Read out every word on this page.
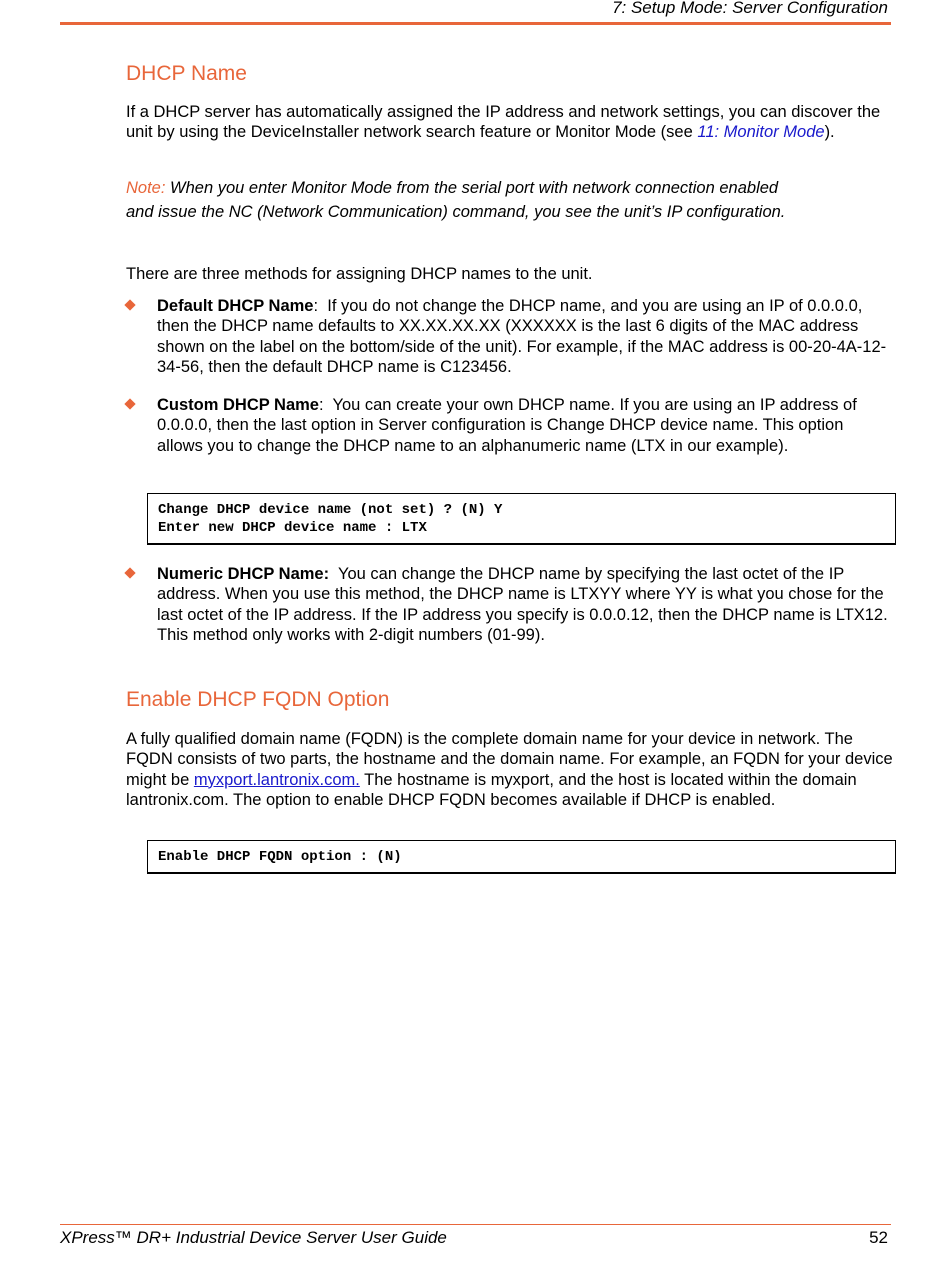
7: Setup Mode: Server Configuration
DHCP Name

If a DHCP server has automatically assigned the IP address and network settings, you can discover the unit by using the DeviceInstaller network search feature or Monitor Mode (see 11: Monitor Mode).

Note: When you enter Monitor Mode from the serial port with network connection enabled and issue the NC (Network Communication) command, you see the unit’s IP configuration.

There are three methods for assigning DHCP names to the unit.

Default DHCP Name:  If you do not change the DHCP name, and you are using an IP of 0.0.0.0, then the DHCP name defaults to XX.XX.XX.XX (XXXXXX is the last 6 digits of the MAC address shown on the label on the bottom/side of the unit). For example, if the MAC address is 00-20-4A-12-34-56, then the default DHCP name is C123456.
Custom DHCP Name:  You can create your own DHCP name. If you are using an IP address of 0.0.0.0, then the last option in Server configuration is Change DHCP device name. This option allows you to change the DHCP name to an alphanumeric name (LTX in our example).
Change DHCP device name (not set) ? (N) Y
Enter new DHCP device name : LTX
Numeric DHCP Name: You can change the DHCP name by specifying the last octet of the IP address. When you use this method, the DHCP name is LTXYY where YY is what you chose for the last octet of the IP address. If the IP address you specify is 0.0.0.12, then the DHCP name is LTX12. This method only works with 2-digit numbers (01-99).
Enable DHCP FQDN Option

A fully qualified domain name (FQDN) is the complete domain name for your device in network. The FQDN consists of two parts, the hostname and the domain name. For example, an FQDN for your device might be myxport.lantronix.com. The hostname is myxport, and the host is located within the domain lantronix.com. The option to enable DHCP FQDN becomes available if DHCP is enabled.

Enable DHCP FQDN option : (N)
XPress™ DR+ Industrial Device Server User Guide	52
